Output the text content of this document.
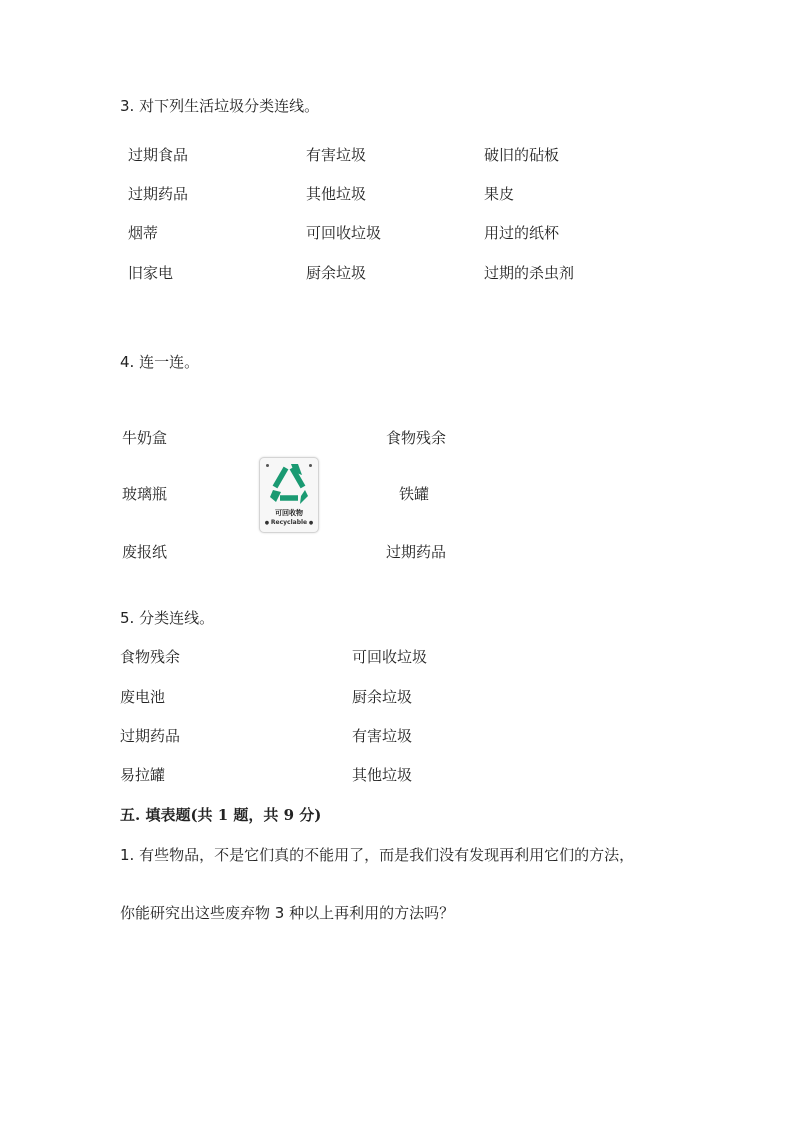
3. 对下列生活垃圾分类连线。
过期食品
过期药品
烟蒂
旧家电
有害垃圾
其他垃圾
可回收垃圾
厨余垃圾
破旧的砧板
果皮
用过的纸杯
过期的杀虫剂
4. 连一连。
牛奶盒
玻璃瓶
废报纸
食物残余
铁罐
过期药品
可回收物
● Recyclable ●
5. 分类连线。
食物残余
废电池
过期药品
易拉罐
可回收垃圾
厨余垃圾
有害垃圾
其他垃圾
五. 填表题(共 1 题，共 9 分)
1. 有些物品，不是它们真的不能用了，而是我们没有发现再利用它们的方法，
你能研究出这些废弃物 3 种以上再利用的方法吗？
